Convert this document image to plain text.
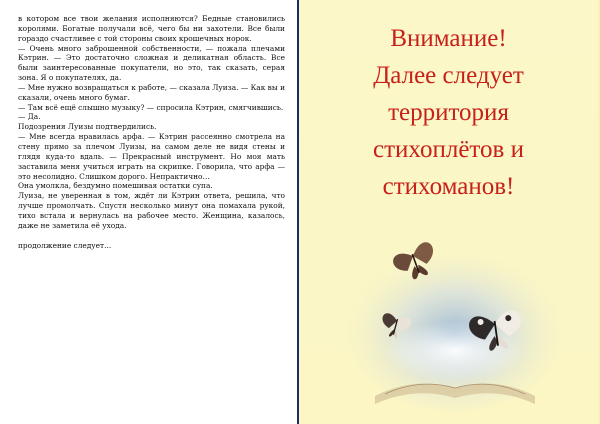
в котором все твои желания исполняются? Бедные становились королями. Богатые получали всё, чего бы ни захотели. Все были гораздо счастливее с той стороны своих крошечных норок.

— Очень много заброшенной собственности, — пожала плечами Кэтрин. — Это достаточно сложная и деликатная область. Все были заинтересованные покупатели, но это, так сказать, серая зона. Я о покупателях, да.

— Мне нужно возвращаться к работе, — сказала Луиза. — Как вы и сказали, очень много бумаг.

— Там всё ещё слышно музыку? — спросила Кэтрин, смягчившись.

— Да.

Подозрения Луизы подтвердились.

— Мне всегда нравилась арфа. — Кэтрин рассеянно смотрела на стену прямо за плечом Луизы, на самом деле не видя стены и глядя куда-то вдаль. — Прекрасный инструмент. Но моя мать заставила меня учиться играть на скрипке. Говорила, что арфа — это несолидно. Слишком дорого. Непрактично…

Она умолкла, бездумно помешивая остатки супа.

Луиза, не уверенная в том, ждёт ли Кэтрин ответа, решила, что лучше промолчать. Спустя несколько минут она помахала рукой, тихо встала и вернулась на рабочее место. Женщина, казалось, даже не заметила её ухода.

продолжение следует...

Внимание!
Далее следует
территория
стихоплётов и
стихоманов!
